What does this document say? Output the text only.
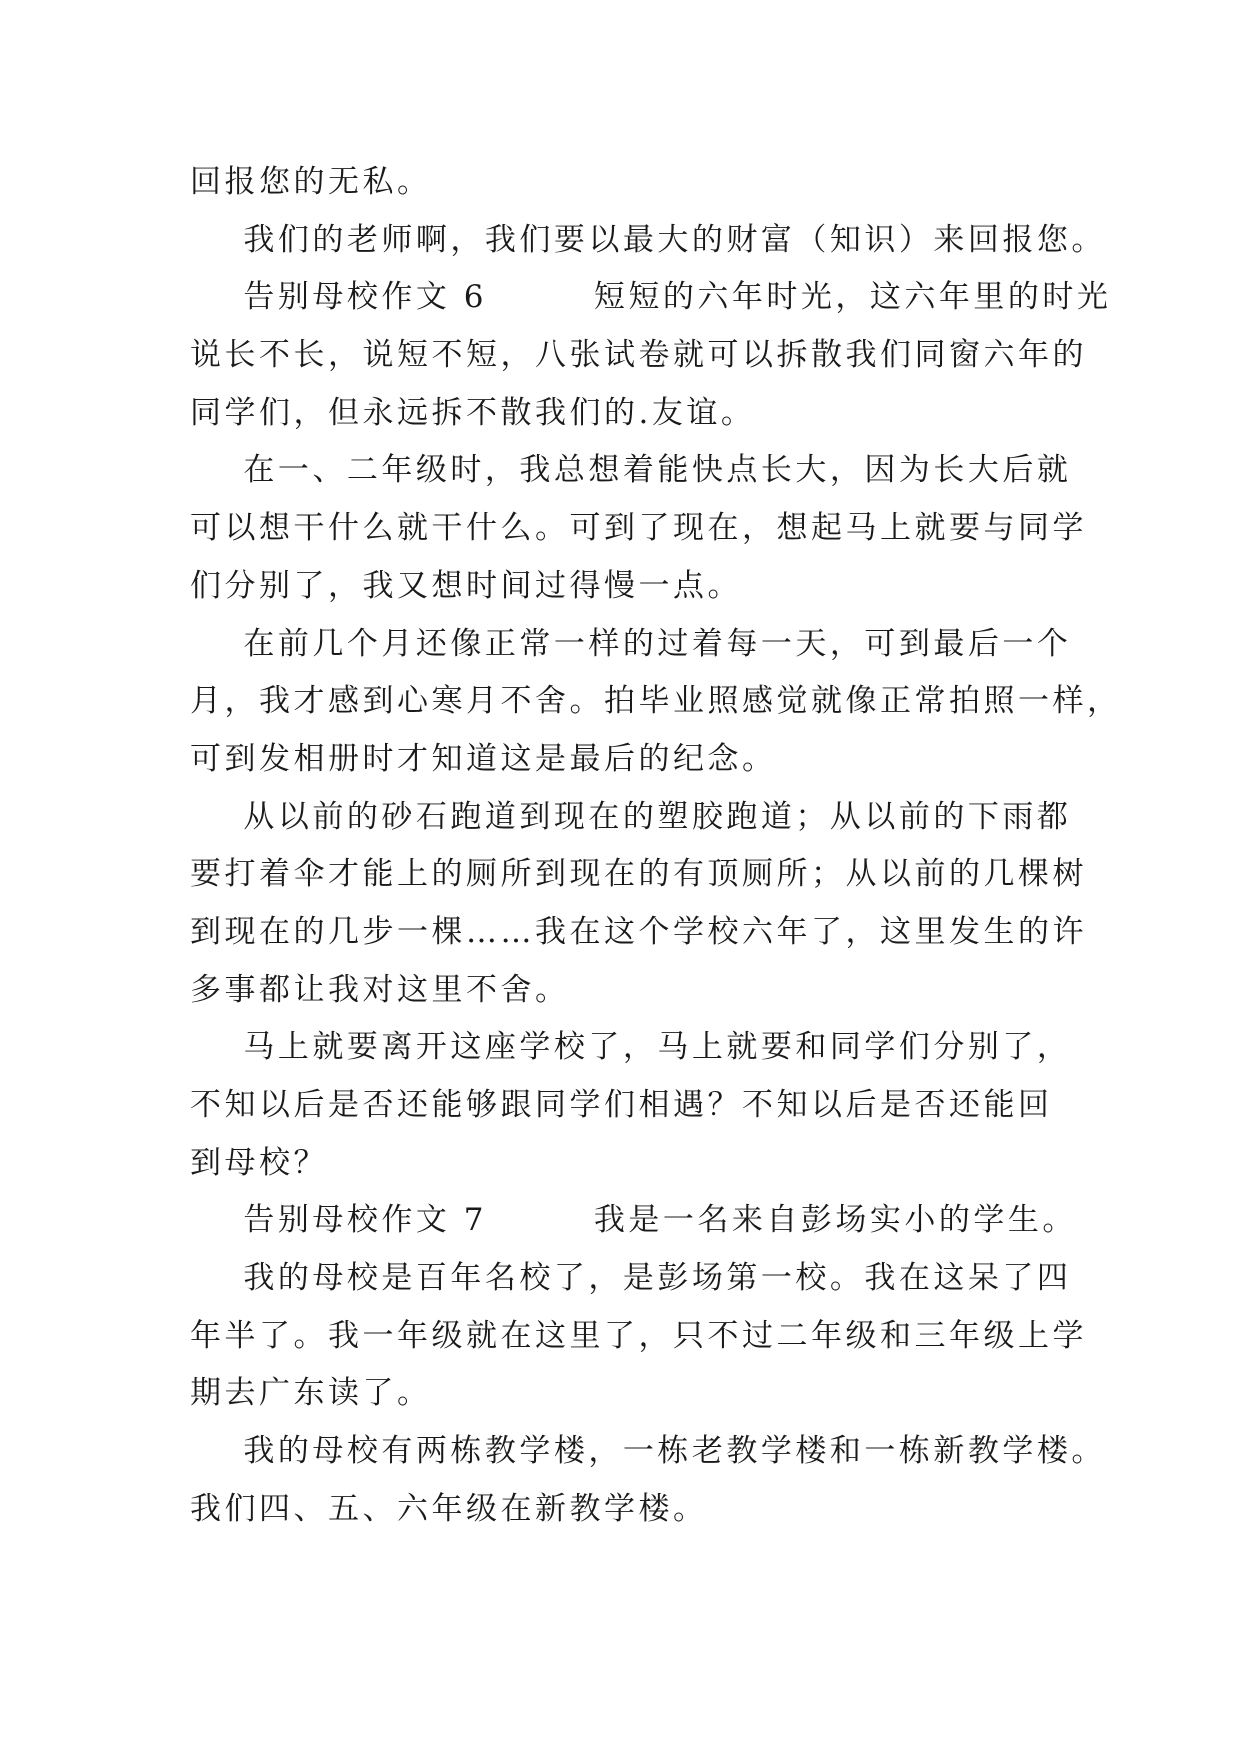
回报您的无私。
我们的老师啊，我们要以最大的财富（知识）来回报您。
告别母校作文 6        短短的六年时光，这六年里的时光
说长不长，说短不短，八张试卷就可以拆散我们同窗六年的
同学们，但永远拆不散我们的.友谊。
在一、二年级时，我总想着能快点长大，因为长大后就
可以想干什么就干什么。可到了现在，想起马上就要与同学
们分别了，我又想时间过得慢一点。
在前几个月还像正常一样的过着每一天，可到最后一个
月，我才感到心寒月不舍。拍毕业照感觉就像正常拍照一样，
可到发相册时才知道这是最后的纪念。
从以前的砂石跑道到现在的塑胶跑道；从以前的下雨都
要打着伞才能上的厕所到现在的有顶厕所；从以前的几棵树
到现在的几步一棵……我在这个学校六年了，这里发生的许
多事都让我对这里不舍。
马上就要离开这座学校了，马上就要和同学们分别了，
不知以后是否还能够跟同学们相遇？不知以后是否还能回
到母校？
告别母校作文 7        我是一名来自彭场实小的学生。
我的母校是百年名校了，是彭场第一校。我在这呆了四
年半了。我一年级就在这里了，只不过二年级和三年级上学
期去广东读了。
我的母校有两栋教学楼，一栋老教学楼和一栋新教学楼。
我们四、五、六年级在新教学楼。
